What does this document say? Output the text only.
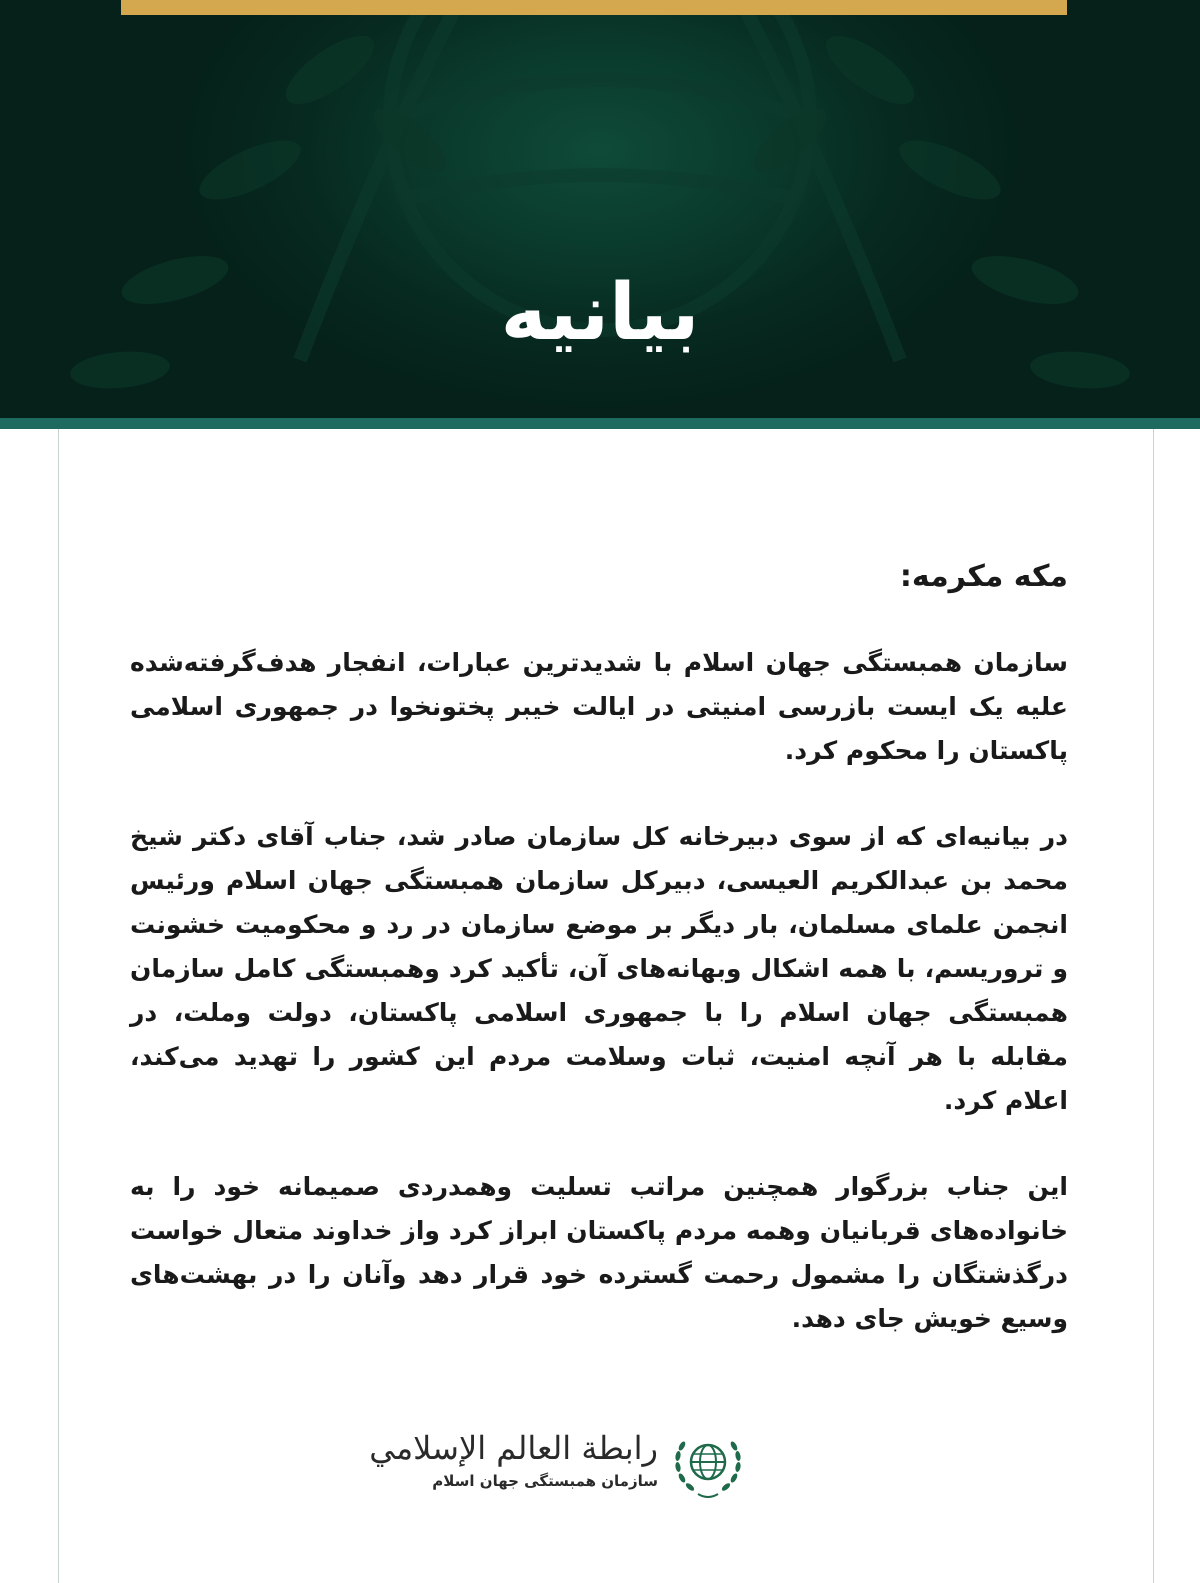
بیانیه

مکه مکرمه:

سازمان همبستگی جهان اسلام با شدیدترین عبارات، انفجار هدف‌گرفته‌شده علیه یک ایست بازرسی امنیتی در ایالت خیبر پختونخوا در جمهوری اسلامی پاکستان را محکوم کرد.

در بیانیه‌ای که از سوی دبیرخانه کل سازمان صادر شد، جناب آقای دکتر شیخ محمد بن عبدالکریم العیسی، دبیرکل سازمان همبستگی جهان اسلام ورئیس انجمن علمای مسلمان، بار دیگر بر موضع سازمان در رد و محکومیت خشونت و تروریسم، با همه اشکال وبهانه‌های آن، تأکید کرد وهمبستگی کامل سازمان همبستگی جهان اسلام را با جمهوری اسلامی پاکستان، دولت وملت، در مقابله با هر آنچه امنیت، ثبات وسلامت مردم این کشور را تهدید می‌کند، اعلام کرد.

این جناب بزرگوار همچنین مراتب تسلیت وهمدردی صمیمانه خود را به خانواده‌های قربانیان وهمه مردم پاکستان ابراز کرد واز خداوند متعال خواست درگذشتگان را مشمول رحمت گسترده خود قرار دهد وآنان را در بهشت‌های وسیع خویش جای دهد.

رابطة العالم الإسلامي
سازمان همبستگی جهان اسلام
